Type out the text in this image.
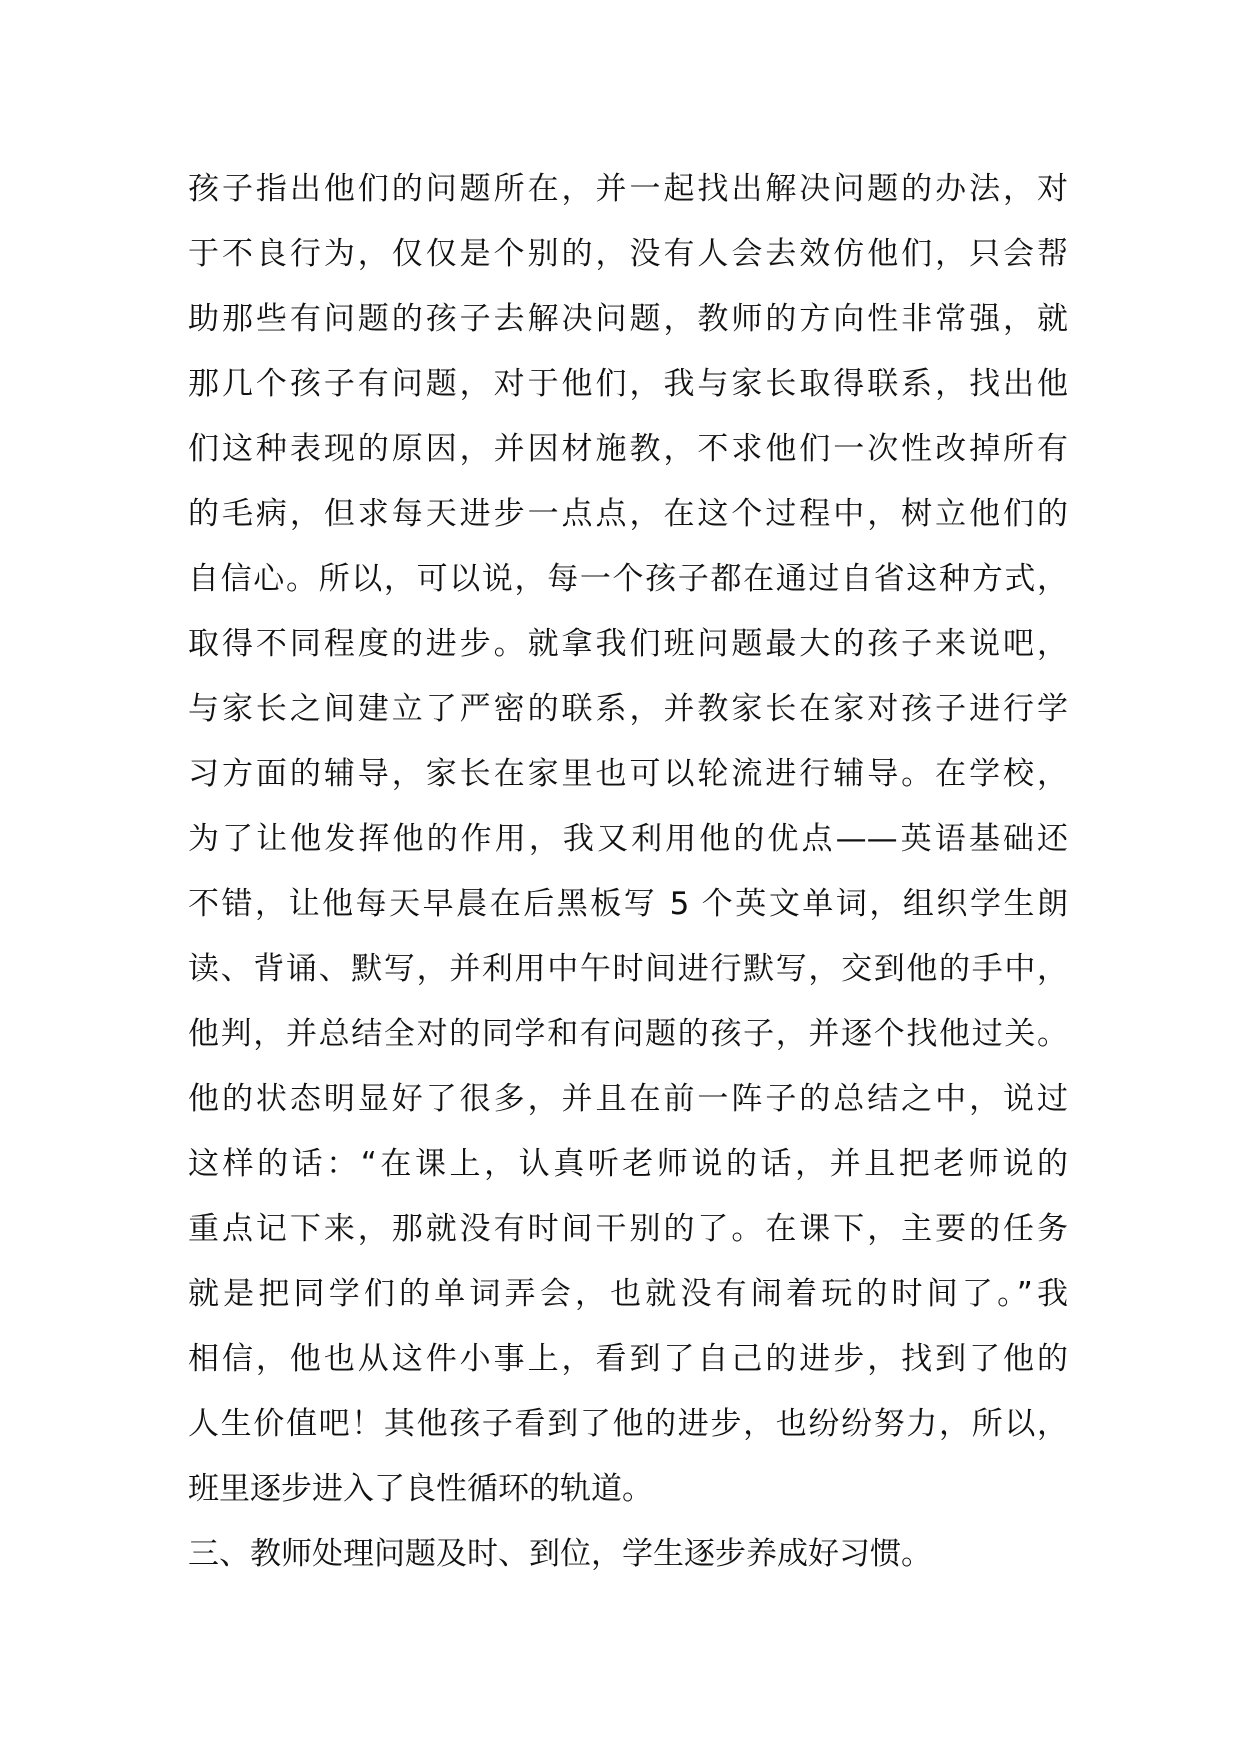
孩子指出他们的问题所在，并一起找出解决问题的办法，对
于不良行为，仅仅是个别的，没有人会去效仿他们，只会帮
助那些有问题的孩子去解决问题，教师的方向性非常强，就
那几个孩子有问题，对于他们，我与家长取得联系，找出他
们这种表现的原因，并因材施教，不求他们一次性改掉所有
的毛病，但求每天进步一点点，在这个过程中，树立他们的
自信心。所以，可以说，每一个孩子都在通过自省这种方式，
取得不同程度的进步。就拿我们班问题最大的孩子来说吧，
与家长之间建立了严密的联系，并教家长在家对孩子进行学
习方面的辅导，家长在家里也可以轮流进行辅导。在学校，
为了让他发挥他的作用，我又利用他的优点——英语基础还
不错，让他每天早晨在后黑板写 5 个英文单词，组织学生朗
读、背诵、默写，并利用中午时间进行默写，交到他的手中，
他判，并总结全对的同学和有问题的孩子，并逐个找他过关。
他的状态明显好了很多，并且在前一阵子的总结之中，说过
这样的话：“在课上，认真听老师说的话，并且把老师说的
重点记下来，那就没有时间干别的了。在课下，主要的任务
就是把同学们的单词弄会，也就没有闹着玩的时间了。”我
相信，他也从这件小事上，看到了自己的进步，找到了他的
人生价值吧！其他孩子看到了他的进步，也纷纷努力，所以，
班里逐步进入了良性循环的轨道。
三、教师处理问题及时、到位，学生逐步养成好习惯。
